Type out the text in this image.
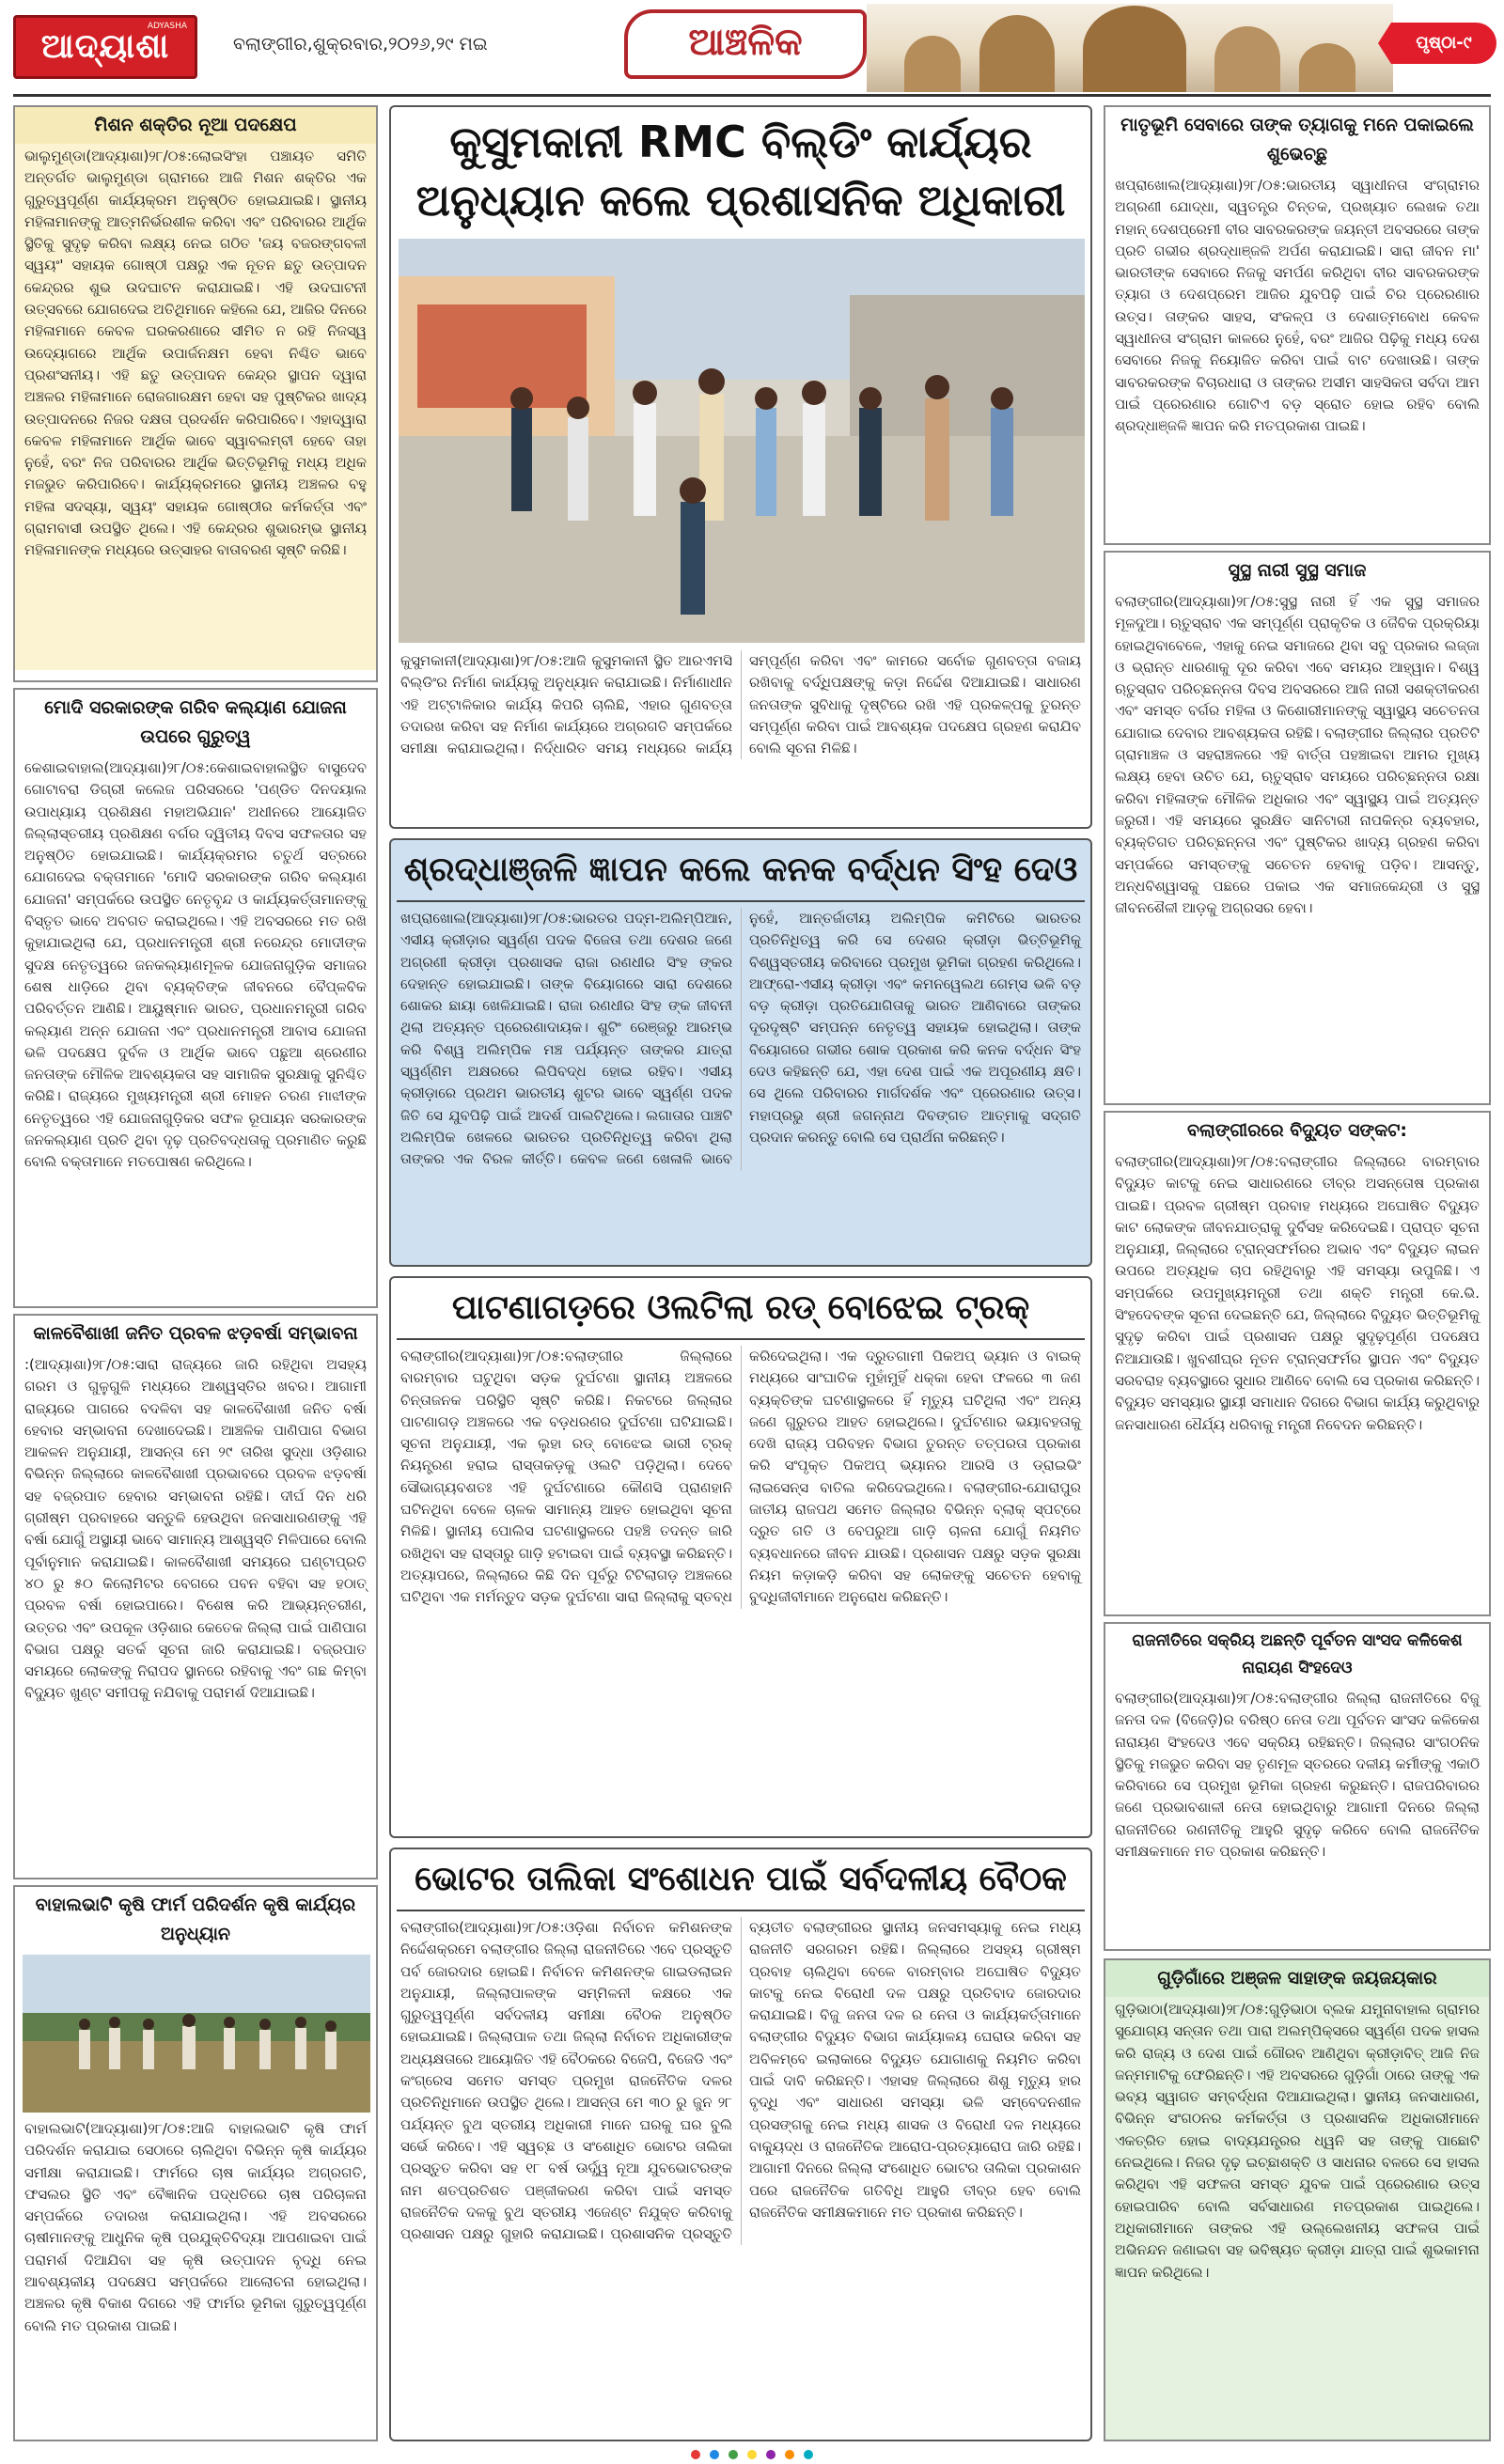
ADYASHA
ଆଦ୍ୟାଶା	ବଲାଙ୍ଗୀର,ଶୁକ୍ରବାର,୨୦୨୬,୨୯ ମଇ	ଆଞ୍ଚଳିକ	ପୃଷ୍ଠା-୯
ମିଶନ ଶକ୍ତିର ନୂଆ ପଦକ୍ଷେପ
ଭାଲୁମୁଣ୍ଡା(ଆଦ୍ୟାଶା)୨୮/୦୫:ଲୋଇସିଂହା ପଞ୍ଚାୟତ ସମିତି ଅନ୍ତର୍ଗତ ଭାଲୁମୁଣ୍ଡା ଗ୍ରାମରେ ଆଜି ମିଶନ ଶକ୍ତିର ଏକ ଗୁରୁତ୍ୱପୂର୍ଣ୍ଣ କାର୍ଯ୍ୟକ୍ରମ ଅନୁଷ୍ଠିତ ହୋଇଯାଇଛି। ସ୍ଥାନୀୟ ମହିଳାମାନଙ୍କୁ ଆତ୍ମନିର୍ଭରଶୀଳ କରିବା ଏବଂ ପରିବାରର ଆର୍ଥିକ ସ୍ଥିତିକୁ ସୁଦୃଢ଼ କରିବା ଲକ୍ଷ୍ୟ ନେଇ ଗଠିତ 'ଜୟ ବଜରଙ୍ଗବଳୀ ସ୍ୱୟଂ' ସହାୟକ ଗୋଷ୍ଠୀ ପକ୍ଷରୁ ଏକ ନୂତନ ଛତୁ ଉତ୍ପାଦନ କେନ୍ଦ୍ରର ଶୁଭ ଉଦଘାଟନ କରାଯାଇଛି। ଏହି ଉଦଘାଟନୀ ଉତ୍ସବରେ ଯୋଗଦେଇ ଅତିଥିମାନେ କହିଲେ ଯେ, ଆଜିର ଦିନରେ ମହିଳାମାନେ କେବଳ ଘରକରଣାରେ ସୀମିତ ନ ରହି ନିଜସ୍ୱ ଉଦ୍ୟୋଗରେ ଆର୍ଥିକ ଉପାର୍ଜନକ୍ଷମ ହେବା ନିଶ୍ଚିତ ଭାବେ ପ୍ରଶଂସନୀୟ। ଏହି ଛତୁ ଉତ୍ପାଦନ କେନ୍ଦ୍ର ସ୍ଥାପନ ଦ୍ୱାରା ଅଞ୍ଚଳର ମହିଳାମାନେ ରୋଜଗାରକ୍ଷମ ହେବା ସହ ପୁଷ୍ଟିକର ଖାଦ୍ୟ ଉତ୍ପାଦନରେ ନିଜର ଦକ୍ଷତା ପ୍ରଦର୍ଶନ କରିପାରିବେ। ଏହାଦ୍ୱାରା କେବଳ ମହିଳାମାନେ ଆର୍ଥିକ ଭାବେ ସ୍ୱାବଲମ୍ବୀ ହେବେ ତାହା ନୁହେଁ, ବରଂ ନିଜ ପରିବାରର ଆର୍ଥିକ ଭିତ୍ତିଭୂମିକୁ ମଧ୍ୟ ଅଧିକ ମଜଭୁତ କରିପାରିବେ। କାର୍ଯ୍ୟକ୍ରମରେ ସ୍ଥାନୀୟ ଅଞ୍ଚଳର ବହୁ ମହିଳା ସଦସ୍ୟା, ସ୍ୱୟଂ ସହାୟକ ଗୋଷ୍ଠୀର କର୍ମକର୍ତ୍ତା ଏବଂ ଗ୍ରାମବାସୀ ଉପସ୍ଥିତ ଥିଲେ। ଏହି କେନ୍ଦ୍ରର ଶୁଭାରମ୍ଭ ସ୍ଥାନୀୟ ମହିଳାମାନଙ୍କ ମଧ୍ୟରେ ଉତ୍ସାହର ବାତାବରଣ ସୃଷ୍ଟି କରିଛି।
ମୋଦି ସରକାରଙ୍କ ଗରିବ କଲ୍ୟାଣ ଯୋଜନା ଉପରେ ଗୁରୁତ୍ୱ
କେଶାଇବାହାଲ(ଆଦ୍ୟାଶା)୨୮/୦୫:କେଶାଇବାହାଲସ୍ଥିତ ବାସୁଦେବ ଗୋଟାବରା ଡିଗ୍ରୀ କଲେଜ ପରିସରରେ 'ପଣ୍ଡିତ ଦିନଦୟାଲ ଉପାଧ୍ୟାୟ ପ୍ରଶିକ୍ଷଣ ମହାଅଭିଯାନ' ଅଧୀନରେ ଆୟୋଜିତ ଜିଲ୍ଲାସ୍ତରୀୟ ପ୍ରଶିକ୍ଷଣ ବର୍ଗର ଦ୍ୱିତୀୟ ଦିବସ ସଫଳତାର ସହ ଅନୁଷ୍ଠିତ ହୋଇଯାଇଛି। କାର୍ଯ୍ୟକ୍ରମର ଚତୁର୍ଥ ସତ୍ରରେ ଯୋଗଦେଇ ବକ୍ତାମାନେ 'ମୋଦି ସରକାରଙ୍କ ଗରିବ କଲ୍ୟାଣ ଯୋଜନା' ସମ୍ପର୍କରେ ଉପସ୍ଥିତ ନେତୃବୃନ୍ଦ ଓ କାର୍ଯ୍ୟକର୍ତ୍ତାମାନଙ୍କୁ ବିସ୍ତୃତ ଭାବେ ଅବଗତ କରାଇଥିଲେ। ଏହି ଅବସରରେ ମତ ରଖି କୁହାଯାଇଥିଲା ଯେ, ପ୍ରଧାନମନ୍ତ୍ରୀ ଶ୍ରୀ ନରେନ୍ଦ୍ର ମୋଦୀଙ୍କ ସୁଦକ୍ଷ ନେତୃତ୍ୱରେ ଜନକଲ୍ୟାଣମୂଳକ ଯୋଜନାଗୁଡ଼ିକ ସମାଜର ଶେଷ ଧାଡ଼ିରେ ଥିବା ବ୍ୟକ୍ତିଙ୍କ ଜୀବନରେ ବୈପ୍ଳବିକ ପରିବର୍ତ୍ତନ ଆଣିଛି। ଆୟୁଷ୍ମାନ ଭାରତ, ପ୍ରଧାନମନ୍ତ୍ରୀ ଗରିବ କଲ୍ୟାଣ ଅନ୍ନ ଯୋଜନା ଏବଂ ପ୍ରଧାନମନ୍ତ୍ରୀ ଆବାସ ଯୋଜନା ଭଳି ପଦକ୍ଷେପ ଦୁର୍ବଳ ଓ ଆର୍ଥିକ ଭାବେ ପଛୁଆ ଶ୍ରେଣୀର ଜନତାଙ୍କ ମୌଳିକ ଆବଶ୍ୟକତା ସହ ସାମାଜିକ ସୁରକ୍ଷାକୁ ସୁନିଶ୍ଚିତ କରିଛି। ରାଜ୍ୟରେ ମୁଖ୍ୟମନ୍ତ୍ରୀ ଶ୍ରୀ ମୋହନ ଚରଣ ମାଝୀଙ୍କ ନେତୃତ୍ୱରେ ଏହି ଯୋଜନାଗୁଡ଼ିକର ସଫଳ ରୂପାୟନ ସରକାରଙ୍କ ଜନକଲ୍ୟାଣ ପ୍ରତି ଥିବା ଦୃଢ଼ ପ୍ରତିବଦ୍ଧତାକୁ ପ୍ରମାଣିତ କରୁଛି ବୋଲି ବକ୍ତାମାନେ ମତପୋଷଣ କରିଥିଲେ।
କାଳବୈଶାଖୀ ଜନିତ ପ୍ରବଳ ଝଡ଼ବର୍ଷା ସମ୍ଭାବନା
:(ଆଦ୍ୟାଶା)୨୮/୦୫:ସାରା ରାଜ୍ୟରେ ଜାରି ରହିଥିବା ଅସହ୍ୟ ଗରମ ଓ ଗୁଳୁଗୁଳି ମଧ୍ୟରେ ଆଶ୍ୱସ୍ତିର ଖବର। ଆଗାମୀ ରାଜ୍ୟରେ ପାଗରେ ବଦଳିବା ସହ କାଳବୈଶାଖୀ ଜନିତ ବର୍ଷା ହେବାର ସମ୍ଭାବନା ଦେଖାଦେଇଛି। ଆଞ୍ଚଳିକ ପାଣିପାଗ ବିଭାଗ ଆକଳନ ଅନୁଯାୟୀ, ଆସନ୍ତା ମେ ୨୯ ତାରିଖ ସୁଦ୍ଧା ଓଡ଼ିଶାର ବିଭିନ୍ନ ଜିଲ୍ଲାରେ କାଳବୈଶାଖୀ ପ୍ରଭାବରେ ପ୍ରବଳ ଝଡ଼ବର୍ଷା ସହ ବଜ୍ରପାତ ହେବାର ସମ୍ଭାବନା ରହିଛି। ଦୀର୍ଘ ଦିନ ଧରି ଗ୍ରୀଷ୍ମ ପ୍ରବାହରେ ସନ୍ତୁଳି ହେଉଥିବା ଜନସାଧାରଣଙ୍କୁ ଏହି ବର୍ଷା ଯୋଗୁଁ ଅସ୍ଥାୟୀ ଭାବେ ସାମାନ୍ୟ ଆଶ୍ୱସ୍ତି ମିଳିପାରେ ବୋଲି ପୂର୍ବାନୁମାନ କରାଯାଇଛି। କାଳବୈଶାଖୀ ସମୟରେ ଘଣ୍ଟାପ୍ରତି ୪୦ ରୁ ୫୦ କିଲୋମିଟର ବେଗରେ ପବନ ବହିବା ସହ ହଠାତ୍ ପ୍ରବଳ ବର୍ଷା ହୋଇପାରେ। ବିଶେଷ କରି ଆଭ୍ୟନ୍ତରୀଣ, ଉତ୍ତର ଏବଂ ଉପକୂଳ ଓଡ଼ିଶାର କେତେକ ଜିଲ୍ଲା ପାଇଁ ପାଣିପାଗ ବିଭାଗ ପକ୍ଷରୁ ସତର୍କ ସୂଚନା ଜାରି କରାଯାଇଛି। ବଜ୍ରପାତ ସମୟରେ ଲୋକଙ୍କୁ ନିରାପଦ ସ୍ଥାନରେ ରହିବାକୁ ଏବଂ ଗଛ କିମ୍ବା ବିଦ୍ୟୁତ ଖୁଣ୍ଟ ସମୀପକୁ ନଯିବାକୁ ପରାମର୍ଶ ଦିଆଯାଇଛି।
ବାହାଲଭାଟି କୃଷି ଫାର୍ମ ପରିଦର୍ଶନ କୃଷି କାର୍ଯ୍ୟର ଅନୁଧ୍ୟାନ
ବାହାଲଭାଟି(ଆଦ୍ୟାଶା)୨୮/୦୫:ଆଜି ବାହାଲଭାଟି କୃଷି ଫାର୍ମ ପରିଦର୍ଶନ କରାଯାଇ ସେଠାରେ ଚାଲିଥିବା ବିଭିନ୍ନ କୃଷି କାର୍ଯ୍ୟର ସମୀକ୍ଷା କରାଯାଇଛି। ଫାର୍ମରେ ଚାଷ କାର୍ଯ୍ୟର ଅଗ୍ରଗତି, ଫସଲର ସ୍ଥିତି ଏବଂ ବୈଜ୍ଞାନିକ ପଦ୍ଧତିରେ ଚାଷ ପରିଚାଳନା ସମ୍ପର୍କରେ ତଦାରଖ କରାଯାଇଥିଲା। ଏହି ଅବସରରେ ଚାଷୀମାନଙ୍କୁ ଆଧୁନିକ କୃଷି ପ୍ରଯୁକ୍ତିବିଦ୍ୟା ଆପଣାଇବା ପାଇଁ ପରାମର୍ଶ ଦିଆଯିବା ସହ କୃଷି ଉତ୍ପାଦନ ବୃଦ୍ଧି ନେଇ ଆବଶ୍ୟକୀୟ ପଦକ୍ଷେପ ସମ୍ପର୍କରେ ଆଲୋଚନା ହୋଇଥିଲା। ଅଞ୍ଚଳର କୃଷି ବିକାଶ ଦିଗରେ ଏହି ଫାର୍ମର ଭୂମିକା ଗୁରୁତ୍ୱପୂର୍ଣ୍ଣ ବୋଲି ମତ ପ୍ରକାଶ ପାଇଛି।
କୁସୁମକାନୀ RMC ବିଲ୍ଡିଂ କାର୍ଯ୍ୟର ଅନୁଧ୍ୟାନ କଲେ ପ୍ରଶାସନିକ ଅଧିକାରୀ
କୁସୁମକାନୀ(ଆଦ୍ୟାଶା)୨୮/୦୫:ଆଜି କୁସୁମକାନୀ ସ୍ଥିତ ଆରଏମସି ବିଲ୍ଡିଂର ନିର୍ମାଣ କାର୍ଯ୍ୟକୁ ଅନୁଧ୍ୟାନ କରାଯାଇଛି। ନିର୍ମାଣାଧୀନ ଏହି ଅଟ୍ଟାଳିକାର କାର୍ଯ୍ୟ କିପରି ଚାଲିଛି, ଏହାର ଗୁଣବତ୍ତା ତଦାରଖ କରିବା ସହ ନିର୍ମାଣ କାର୍ଯ୍ୟରେ ଅଗ୍ରଗତି ସମ୍ପର୍କରେ ସମୀକ୍ଷା କରାଯାଇଥିଲା। ନିର୍ଦ୍ଧାରିତ ସମୟ ମଧ୍ୟରେ କାର୍ଯ୍ୟ ସମ୍ପୂର୍ଣ୍ଣ କରିବା ଏବଂ କାମରେ ସର୍ବୋଚ୍ଚ ଗୁଣବତ୍ତା ବଜାୟ ରଖିବାକୁ ବର୍ଦ୍ଧିପକ୍ଷଙ୍କୁ କଡ଼ା ନିର୍ଦ୍ଦେଶ ଦିଆଯାଇଛି। ସାଧାରଣ ଜନତାଙ୍କ ସୁବିଧାକୁ ଦୃଷ୍ଟିରେ ରଖି ଏହି ପ୍ରକଳ୍ପକୁ ତୁରନ୍ତ ସମ୍ପୂର୍ଣ୍ଣ କରିବା ପାଇଁ ଆବଶ୍ୟକ ପଦକ୍ଷେପ ଗ୍ରହଣ କରାଯିବ ବୋଲି ସୂଚନା ମିଳିଛି।
ଶ୍ରଦ୍ଧାଞ୍ଜଳି ଜ୍ଞାପନ କଲେ କନକ ବର୍ଦ୍ଧନ ସିଂହ ଦେଓ
ଖପ୍ରାଖୋଲ(ଆଦ୍ୟାଶା)୨୮/୦୫:ଭାରତର ପଦ୍ମ-ଅଲିମ୍ପିଆନ, ଏସୀୟ କ୍ରୀଡ଼ାର ସ୍ୱର୍ଣ୍ଣ ପଦକ ବିଜେତା ତଥା ଦେଶର ଜଣେ ଅଗ୍ରଣୀ କ୍ରୀଡ଼ା ପ୍ରଶାସକ ରାଜା ରଣଧୀର ସିଂହ ଙ୍କର ଦେହାନ୍ତ ହୋଇଯାଇଛି। ତାଙ୍କ ବିୟୋଗରେ ସାରା ଦେଶରେ ଶୋକର ଛାୟା ଖେଳିଯାଇଛି। ରାଜା ରଣଧୀର ସିଂହ ଙ୍କ ଜୀବନୀ ଥିଲା ଅତ୍ୟନ୍ତ ପ୍ରେରଣାଦାୟକ। ଶୁଟିଂ ରେଞ୍ଜରୁ ଆରମ୍ଭ କରି ବିଶ୍ୱ ଅଲିମ୍ପିକ ମଞ୍ଚ ପର୍ଯ୍ୟନ୍ତ ତାଙ୍କର ଯାତ୍ରା ସ୍ୱର୍ଣ୍ଣିମ ଅକ୍ଷରରେ ଲିପିବଦ୍ଧ ହୋଇ ରହିବ। ଏସୀୟ କ୍ରୀଡ଼ାରେ ପ୍ରଥମ ଭାରତୀୟ ଶୁଟର ଭାବେ ସ୍ୱର୍ଣ୍ଣ ପଦକ ଜିତି ସେ ଯୁବପିଢ଼ି ପାଇଁ ଆଦର୍ଶ ପାଲଟିଥିଲେ। ଲଗାତାର ପାଞ୍ଚଟି ଅଲିମ୍ପିକ ଖେଳରେ ଭାରତର ପ୍ରତିନିଧିତ୍ୱ କରିବା ଥିଲା ତାଙ୍କର ଏକ ବିରଳ କୀର୍ତ୍ତି। କେବଳ ଜଣେ ଖେଳାଳି ଭାବେ ନୁହେଁ, ଆନ୍ତର୍ଜାତୀୟ ଅଲିମ୍ପିକ କମିଟିରେ ଭାରତର ପ୍ରତିନିଧିତ୍ୱ କରି ସେ ଦେଶର କ୍ରୀଡ଼ା ଭିତ୍ତିଭୂମିକୁ ବିଶ୍ୱସ୍ତରୀୟ କରିବାରେ ପ୍ରମୁଖ ଭୂମିକା ଗ୍ରହଣ କରିଥିଲେ। ଆଫ୍ରୋ-ଏସୀୟ କ୍ରୀଡ଼ା ଏବଂ କମନୱେଲଥ ଗେମ୍ସ ଭଳି ବଡ଼ ବଡ଼ କ୍ରୀଡ଼ା ପ୍ରତିଯୋଗିତାକୁ ଭାରତ ଆଣିବାରେ ତାଙ୍କର ଦୂରଦୃଷ୍ଟି ସମ୍ପନ୍ନ ନେତୃତ୍ୱ ସହାୟକ ହୋଇଥିଲା। ତାଙ୍କ ବିୟୋଗରେ ଗଭୀର ଶୋକ ପ୍ରକାଶ କରି କନକ ବର୍ଦ୍ଧନ ସିଂହ ଦେଓ କହିଛନ୍ତି ଯେ, ଏହା ଦେଶ ପାଇଁ ଏକ ଅପୂରଣୀୟ କ୍ଷତି। ସେ ଥିଲେ ପରିବାରର ମାର୍ଗଦର୍ଶକ ଏବଂ ପ୍ରେରଣାର ଉତ୍ସ। ମହାପ୍ରଭୁ ଶ୍ରୀ ଜଗନ୍ନାଥ ଦିବଙ୍ଗତ ଆତ୍ମାକୁ ସଦ୍ଗତି ପ୍ରଦାନ କରନ୍ତୁ ବୋଲି ସେ ପ୍ରାର୍ଥନା କରିଛନ୍ତି।
ପାଟଣାଗଡ଼ରେ ଓଲଟିଲା ରଡ୍ ବୋଝେଇ ଟ୍ରକ୍
ବଲାଙ୍ଗୀର(ଆଦ୍ୟାଶା)୨୮/୦୫:ବଲାଙ୍ଗୀର ଜିଲ୍ଲାରେ ବାରମ୍ବାର ଘଟୁଥିବା ସଡ଼କ ଦୁର୍ଘଟଣା ସ୍ଥାନୀୟ ଅଞ୍ଚଳରେ ଚିନ୍ତାଜନକ ପରିସ୍ଥିତି ସୃଷ୍ଟି କରିଛି। ନିକଟରେ ଜିଲ୍ଲାର ପାଟଣାଗଡ଼ ଅଞ୍ଚଳରେ ଏକ ବଡ଼ଧରଣର ଦୁର୍ଘଟଣା ଘଟିଯାଇଛି। ସୂଚନା ଅନୁଯାୟୀ, ଏକ ଲୁହା ରଡ୍ ବୋଝେଇ ଭାରୀ ଟ୍ରକ୍ ନିୟନ୍ତ୍ରଣ ହରାଇ ରାସ୍ତାକଡ଼କୁ ଓଲଟି ପଡ଼ିଥିଲା। ଦେବେ ସୌଭାଗ୍ୟବଶତଃ ଏହି ଦୁର୍ଘଟଣାରେ କୌଣସି ପ୍ରାଣହାନି ଘଟିନଥିବା ବେଳେ ଚାଳକ ସାମାନ୍ୟ ଆହତ ହୋଇଥିବା ସୂଚନା ମିଳିଛି। ସ୍ଥାନୀୟ ପୋଲିସ ଘଟଣାସ୍ଥଳରେ ପହଞ୍ଚି ତଦନ୍ତ ଜାରି ରଖିଥିବା ସହ ରାସ୍ତାରୁ ଗାଡ଼ି ହଟାଇବା ପାଇଁ ବ୍ୟବସ୍ଥା କରିଛନ୍ତି। ଅତ୍ୟାପରେ, ଜିଲ୍ଲାରେ କିଛି ଦିନ ପୂର୍ବରୁ ଟିଟିଲାଗଡ଼ ଅଞ୍ଚଳରେ ଘଟିଥିବା ଏକ ମର୍ମନ୍ତୁଦ ସଡ଼କ ଦୁର୍ଘଟଣା ସାରା ଜିଲ୍ଲାକୁ ସ୍ତବ୍ଧ କରିଦେଇଥିଲା। ଏକ ଦ୍ରୁତଗାମୀ ପିକଅପ୍ ଭ୍ୟାନ ଓ ବାଇକ୍ ମଧ୍ୟରେ ସାଂଘାତିକ ମୁହାଁମୁହିଁ ଧକ୍କା ହେବା ଫଳରେ ୩ ଜଣ ବ୍ୟକ୍ତିଙ୍କ ଘଟଣାସ୍ଥଳରେ ହିଁ ମୃତ୍ୟୁ ଘଟିଥିଲା ଏବଂ ଅନ୍ୟ ଜଣେ ଗୁରୁତର ଆହତ ହୋଇଥିଲେ। ଦୁର୍ଘଟଣାର ଭୟାବହତାକୁ ଦେଖି ରାଜ୍ୟ ପରିବହନ ବିଭାଗ ତୁରନ୍ତ ତତ୍ପରତା ପ୍ରକାଶ କରି ସଂପୃକ୍ତ ପିକଅପ୍ ଭ୍ୟାନର ଆରସି ଓ ଡ୍ରାଇଭିଂ ଲାଇସେନ୍ସ ବାତିଲ କରିଦେଇଥିଲେ। ବଲାଙ୍ଗୀର-ଯୋରାପୁର ଜାତୀୟ ରାଜପଥ ସମେତ ଜିଲ୍ଲାର ବିଭିନ୍ନ ବ୍ଲାକ୍ ସ୍ପଟ୍‌ରେ ଦ୍ରୁତ ଗତି ଓ ବେପରୁଆ ଗାଡ଼ି ଚାଳନା ଯୋଗୁଁ ନିୟମିତ ବ୍ୟବଧାନରେ ଜୀବନ ଯାଉଛି। ପ୍ରଶାସନ ପକ୍ଷରୁ ସଡ଼କ ସୁରକ୍ଷା ନିୟମ କଡ଼ାକଡ଼ି କରିବା ସହ ଲୋକଙ୍କୁ ସଚେତନ ହେବାକୁ ବୁଦ୍ଧିଜୀବୀମାନେ ଅନୁରୋଧ କରିଛନ୍ତି।
ଭୋଟର ତାଲିକା ସଂଶୋଧନ ପାଇଁ ସର୍ବଦଳୀୟ ବୈଠକ
ବଲାଙ୍ଗୀର(ଆଦ୍ୟାଶା)୨୮/୦୫:ଓଡ଼ିଶା ନିର୍ବାଚନ କମିଶନଙ୍କ ନିର୍ଦ୍ଦେଶକ୍ରମେ ବଲାଙ୍ଗୀର ଜିଲ୍ଲା ରାଜନୀତିରେ ଏବେ ପ୍ରସ୍ତୁତି ପର୍ବ ଜୋରଦାର ହୋଇଛି। ନିର୍ବାଚନ କମିଶନଙ୍କ ଗାଇଡଲାଇନ ଅନୁଯାୟୀ, ଜିଲ୍ଲାପାଳଙ୍କ ସମ୍ମିଳନୀ କକ୍ଷରେ ଏକ ଗୁରୁତ୍ୱପୂର୍ଣ୍ଣ ସର୍ବଦଳୀୟ ସମୀକ୍ଷା ବୈଠକ ଅନୁଷ୍ଠିତ ହୋଇଯାଇଛି। ଜିଲ୍ଲାପାଳ ତଥା ଜିଲ୍ଲା ନିର୍ବାଚନ ଅଧିକାରୀଙ୍କ ଅଧ୍ୟକ୍ଷତାରେ ଆୟୋଜିତ ଏହି ବୈଠକରେ ବିଜେପି, ବିଜେଡି ଏବଂ କଂଗ୍ରେସ ସମେତ ସମସ୍ତ ପ୍ରମୁଖ ରାଜନୈତିକ ଦଳର ପ୍ରତିନିଧିମାନେ ଉପସ୍ଥିତ ଥିଲେ। ଆସନ୍ତା ମେ ୩୦ ରୁ ଜୁନ ୨୮ ପର୍ଯ୍ୟନ୍ତ ବୁଥ ସ୍ତରୀୟ ଅଧିକାରୀ ମାନେ ଘରକୁ ଘର ବୁଲି ସର୍ଭେ କରିବେ। ଏହି ସ୍ୱଚ୍ଛ ଓ ସଂଶୋଧିତ ଭୋଟର ତାଲିକା ପ୍ରସ୍ତୁତ କରିବା ସହ ୧୮ ବର୍ଷ ଊର୍ଦ୍ଧ୍ୱ ନୂଆ ଯୁବଭୋଟରଙ୍କ ନାମ ଶତପ୍ରତିଶତ ପଞ୍ଜୀକରଣ କରିବା ପାଇଁ ସମସ୍ତ ରାଜନୈତିକ ଦଳକୁ ବୁଥ ସ୍ତରୀୟ ଏଜେଣ୍ଟ ନିଯୁକ୍ତ କରିବାକୁ ପ୍ରଶାସନ ପକ୍ଷରୁ ଗୁହାରି କରାଯାଇଛି। ପ୍ରଶାସନିକ ପ୍ରସ୍ତୁତି ବ୍ୟତୀତ ବଲାଙ୍ଗୀରର ସ୍ଥାନୀୟ ଜନସମସ୍ୟାକୁ ନେଇ ମଧ୍ୟ ରାଜନୀତି ସରଗରମ ରହିଛି। ଜିଲ୍ଲାରେ ଅସହ୍ୟ ଗ୍ରୀଷ୍ମ ପ୍ରବାହ ଚାଲିଥିବା ବେଳେ ବାରମ୍ବାର ଅଘୋଷିତ ବିଦ୍ୟୁତ କାଟକୁ ନେଇ ବିରୋଧୀ ଦଳ ପକ୍ଷରୁ ପ୍ରତିବାଦ ଜୋରଦାର କରାଯାଇଛି। ବିଜୁ ଜନତା ଦଳ ର ନେତା ଓ କାର୍ଯ୍ୟକର୍ତ୍ତାମାନେ ବଲାଙ୍ଗୀର ବିଦ୍ୟୁତ ବିଭାଗ କାର୍ଯ୍ୟାଳୟ ଘେରାଉ କରିବା ସହ ଅବିଳମ୍ବେ ଇଲାକାରେ ବିଦ୍ୟୁତ ଯୋଗାଣକୁ ନିୟମିତ କରିବା ପାଇଁ ଦାବି କରିଛନ୍ତି। ଏହାସହ ଜିଲ୍ଲାରେ ଶିଶୁ ମୃତ୍ୟୁ ହାର ବୃଦ୍ଧି ଏବଂ ସାଧାରଣ ସମସ୍ୟା ଭଳି ସମ୍ବେଦନଶୀଳ ପ୍ରସଙ୍ଗକୁ ନେଇ ମଧ୍ୟ ଶାସକ ଓ ବିରୋଧୀ ଦଳ ମଧ୍ୟରେ ବାକ୍ୟୁଦ୍ଧ ଓ ରାଜନୈତିକ ଆରୋପ-ପ୍ରତ୍ୟାରୋପ ଜାରି ରହିଛି। ଆଗାମୀ ଦିନରେ ଜିଲ୍ଲା ସଂଶୋଧିତ ଭୋଟର ତାଲିକା ପ୍ରକାଶନ ପରେ ରାଜନୈତିକ ଗତିବିଧି ଆହୁରି ତୀବ୍ର ହେବ ବୋଲି ରାଜନୈତିକ ସମୀକ୍ଷକମାନେ ମତ ପ୍ରକାଶ କରିଛନ୍ତି।
ମାତୃଭୂମି ସେବାରେ ତାଙ୍କ ତ୍ୟାଗକୁ ମନେ ପକାଇଲେ ଶୁଭେଚ୍ଛୁ
ଖପ୍ରାଖୋଲ(ଆଦ୍ୟାଶା)୨୮/୦୫:ଭାରତୀୟ ସ୍ୱାଧୀନତା ସଂଗ୍ରାମର ଅଗ୍ରଣୀ ଯୋଦ୍ଧା, ସ୍ୱତନ୍ତ୍ର ଚିନ୍ତକ, ପ୍ରଖ୍ୟାତ ଲେଖକ ତଥା ମହାନ୍ ଦେଶପ୍ରେମୀ ବୀର ସାବରକରଙ୍କ ଜୟନ୍ତୀ ଅବସରରେ ତାଙ୍କ ପ୍ରତି ଗଭୀର ଶ୍ରଦ୍ଧାଞ୍ଜଳି ଅର୍ପଣ କରାଯାଇଛି। ସାରା ଜୀବନ ମା' ଭାରତୀଙ୍କ ସେବାରେ ନିଜକୁ ସମର୍ପଣ କରିଥିବା ବୀର ସାବରକରଙ୍କ ତ୍ୟାଗ ଓ ଦେଶପ୍ରେମ ଆଜିର ଯୁବପିଢ଼ି ପାଇଁ ଚିର ପ୍ରେରଣାର ଉତ୍ସ। ତାଙ୍କର ସାହସ, ସଂକଳ୍ପ ଓ ଦେଶାତ୍ମବୋଧ କେବଳ ସ୍ୱାଧୀନତା ସଂଗ୍ରାମ କାଳରେ ନୁହେଁ, ବରଂ ଆଜିର ପିଢ଼ିକୁ ମଧ୍ୟ ଦେଶ ସେବାରେ ନିଜକୁ ନିୟୋଜିତ କରିବା ପାଇଁ ବାଟ ଦେଖାଉଛି। ତାଙ୍କ ସାବରକରଙ୍କ ବିଚାରଧାରା ଓ ତାଙ୍କର ଅସୀମ ସାହସିକତା ସର୍ବଦା ଆମ ପାଇଁ ପ୍ରେରଣାର ଗୋଟିଏ ବଡ଼ ସ୍ରୋତ ହୋଇ ରହିବ ବୋଲି ଶ୍ରଦ୍ଧାଞ୍ଜଳି ଜ୍ଞାପନ କରି ମତପ୍ରକାଶ ପାଇଛି।
ସୁସ୍ଥ ନାରୀ ସୁସ୍ଥ ସମାଜ
ବଲାଙ୍ଗୀର(ଆଦ୍ୟାଶା)୨୮/୦୫:ସୁସ୍ଥ ନାରୀ ହିଁ ଏକ ସୁସ୍ଥ ସମାଜର ମୂଳଦୁଆ। ଋତୁସ୍ରାବ ଏକ ସମ୍ପୂର୍ଣ୍ଣ ପ୍ରାକୃତିକ ଓ ଜୈବିକ ପ୍ରକ୍ରିୟା ହୋଇଥିବାବେଳେ, ଏହାକୁ ନେଇ ସମାଜରେ ଥିବା ସବୁ ପ୍ରକାର ଲଜ୍ଜା ଓ ଭ୍ରାନ୍ତ ଧାରଣାକୁ ଦୂର କରିବା ଏବେ ସମୟର ଆହ୍ୱାନ। ବିଶ୍ୱ ଋତୁସ୍ରାବ ପରିଚ୍ଛନ୍ନତା ଦିବସ ଅବସରରେ ଆଜି ନାରୀ ସଶକ୍ତୀକରଣ ଏବଂ ସମସ୍ତ ବର୍ଗର ମହିଳା ଓ କିଶୋରୀମାନଙ୍କୁ ସ୍ୱାସ୍ଥ୍ୟ ସଚେତନତା ଯୋଗାଇ ଦେବାର ଆବଶ୍ୟକତା ରହିଛି। ବଲାଙ୍ଗୀର ଜିଲ୍ଲାର ପ୍ରତିଟି ଗ୍ରାମାଞ୍ଚଳ ଓ ସହରାଞ୍ଚଳରେ ଏହି ବାର୍ତ୍ତା ପହଞ୍ଚାଇବା ଆମର ମୁଖ୍ୟ ଲକ୍ଷ୍ୟ ହେବା ଉଚିତ ଯେ, ଋତୁସ୍ରାବ ସମୟରେ ପରିଚ୍ଛନ୍ନତା ରକ୍ଷା କରିବା ମହିଳାଙ୍କ ମୌଳିକ ଅଧିକାର ଏବଂ ସ୍ୱାସ୍ଥ୍ୟ ପାଇଁ ଅତ୍ୟନ୍ତ ଜରୁରୀ। ଏହି ସମୟରେ ସୁରକ୍ଷିତ ସାନିଟାରୀ ନାପକିନ୍‌ର ବ୍ୟବହାର, ବ୍ୟକ୍ତିଗତ ପରିଚ୍ଛନ୍ନତା ଏବଂ ପୁଷ୍ଟିକର ଖାଦ୍ୟ ଗ୍ରହଣ କରିବା ସମ୍ପର୍କରେ ସମସ୍ତଙ୍କୁ ସଚେତନ ହେବାକୁ ପଡ଼ିବ। ଆସନ୍ତୁ, ଅନ୍ଧବିଶ୍ୱାସକୁ ପଛରେ ପକାଇ ଏକ ସମାଜକେନ୍ଦ୍ରୀ ଓ ସୁସ୍ଥ ଜୀବନଶୈଳୀ ଆଡ଼କୁ ଅଗ୍ରସର ହେବା।
ବଲାଙ୍ଗୀରରେ ବିଦ୍ୟୁତ ସଙ୍କଟ:
ବଲାଙ୍ଗୀର(ଆଦ୍ୟାଶା)୨୮/୦୫:ବଲାଙ୍ଗୀର ଜିଲ୍ଲାରେ ବାରମ୍ବାର ବିଦ୍ୟୁତ କାଟକୁ ନେଇ ସାଧାରଣରେ ତୀବ୍ର ଅସନ୍ତୋଷ ପ୍ରକାଶ ପାଇଛି। ପ୍ରବଳ ଗ୍ରୀଷ୍ମ ପ୍ରବାହ ମଧ୍ୟରେ ଅଘୋଷିତ ବିଦ୍ୟୁତ କାଟ ଲୋକଙ୍କ ଜୀବନଯାତ୍ରାକୁ ଦୁର୍ବିସହ କରିଦେଇଛି। ପ୍ରାପ୍ତ ସୂଚନା ଅନୁଯାୟୀ, ଜିଲ୍ଲାରେ ଟ୍ରାନ୍ସଫର୍ମରର ଅଭାବ ଏବଂ ବିଦ୍ୟୁତ ଲାଇନ ଉପରେ ଅତ୍ୟଧିକ ଚାପ ରହିଥିବାରୁ ଏହି ସମସ୍ୟା ଉପୁଜିଛି। ଏ ସମ୍ପର୍କରେ ଉପମୁଖ୍ୟମନ୍ତ୍ରୀ ତଥା ଶକ୍ତି ମନ୍ତ୍ରୀ କେ.ଭି. ସିଂହଦେବଙ୍କ ସୂଚନା ଦେଇଛନ୍ତି ଯେ, ଜିଲ୍ଲାରେ ବିଦ୍ୟୁତ ଭିତ୍ତିଭୂମିକୁ ସୁଦୃଢ଼ କରିବା ପାଇଁ ପ୍ରଶାସନ ପକ୍ଷରୁ ସୁଦୃଢ଼ପୂର୍ଣ୍ଣ ପଦକ୍ଷେପ ନିଆଯାଉଛି। ଖୁବଶୀଘ୍ର ନୂତନ ଟ୍ରାନ୍ସଫର୍ମର ସ୍ଥାପନ ଏବଂ ବିଦ୍ୟୁତ ସରବରାହ ବ୍ୟବସ୍ଥାରେ ସୁଧାର ଆଣିବେ ବୋଲି ସେ ପ୍ରକାଶ କରିଛନ୍ତି। ବିଦ୍ୟୁତ ସମସ୍ୟାର ସ୍ଥାୟୀ ସମାଧାନ ଦିଗରେ ବିଭାଗ କାର୍ଯ୍ୟ କରୁଥିବାରୁ ଜନସାଧାରଣ ଧୈର୍ଯ୍ୟ ଧରିବାକୁ ମନ୍ତ୍ରୀ ନିବେଦନ କରିଛନ୍ତି।
ରାଜନୀତିରେ ସକ୍ରିୟ ଅଛନ୍ତି ପୂର୍ବତନ ସାଂସଦ କଳିକେଶ ନାରାୟଣ ସିଂହଦେଓ
ବଲାଙ୍ଗୀର(ଆଦ୍ୟାଶା)୨୮/୦୫:ବଲାଙ୍ଗୀର ଜିଲ୍ଲା ରାଜନୀତିରେ ବିଜୁ ଜନତା ଦଳ (ବିଜେଡ଼ି)ର ବରିଷ୍ଠ ନେତା ତଥା ପୂର୍ବତନ ସାଂସଦ କଳିକେଶ ନାରାୟଣ ସିଂହଦେଓ ଏବେ ସକ୍ରିୟ ରହିଛନ୍ତି। ଜିଲ୍ଲାର ସାଂଗଠନିକ ସ୍ଥିତିକୁ ମଜଭୁତ କରିବା ସହ ତୃଣମୂଳ ସ୍ତରରେ ଦଳୀୟ କର୍ମୀଙ୍କୁ ଏକାଠି କରିବାରେ ସେ ପ୍ରମୁଖ ଭୂମିକା ଗ୍ରହଣ କରୁଛନ୍ତି। ରାଜପରିବାରର ଜଣେ ପ୍ରଭାବଶାଳୀ ନେତା ହୋଇଥିବାରୁ ଆଗାମୀ ଦିନରେ ଜିଲ୍ଲା ରାଜନୀତିରେ ରଣନୀତିକୁ ଆହୁରି ସୁଦୃଢ଼ କରିବେ ବୋଲି ରାଜନୈତିକ ସମୀକ୍ଷକମାନେ ମତ ପ୍ରକାଶ କରିଛନ୍ତି।
ଗୁଡ଼ିଗାଁରେ ଅଞ୍ଜଳ ସାହାଙ୍କ ଜୟଜୟକାର
ଗୁଡ଼ିଭାଠା(ଆଦ୍ୟାଶା)୨୮/୦୫:ଗୁଡ଼ିଭାଠା ବ୍ଲକ ଯମୁନାବାହାଲ ଗ୍ରାମର ସୁଯୋଗ୍ୟ ସନ୍ତାନ ତଥା ପାରା ଅଲମ୍ପିକ୍ସରେ ସ୍ୱର୍ଣ୍ଣ ପଦକ ହାସଲ କରି ରାଜ୍ୟ ଓ ଦେଶ ପାଇଁ ଗୌରବ ଆଣିଥିବା କ୍ରୀଡ଼ାବିତ୍ ଆଜି ନିଜ ଜନ୍ମମାଟିକୁ ଫେରିଛନ୍ତି। ଏହି ଅବସରରେ ଗୁଡ଼ିଗାଁ ଠାରେ ତାଙ୍କୁ ଏକ ଭବ୍ୟ ସ୍ୱାଗତ ସମ୍ବର୍ଦ୍ଧନା ଦିଆଯାଇଥିଲା। ସ୍ଥାନୀୟ ଜନସାଧାରଣ, ବିଭିନ୍ନ ସଂଗଠନର କର୍ମକର୍ତ୍ତା ଓ ପ୍ରଶାସନିକ ଅଧିକାରୀମାନେ ଏକତ୍ରିତ ହୋଇ ବାଦ୍ୟଯନ୍ତ୍ରର ଧ୍ୱନି ସହ ତାଙ୍କୁ ପାଛୋଟି ନେଇଥିଲେ। ନିଜର ଦୃଢ଼ ଇଚ୍ଛାଶକ୍ତି ଓ ସାଧନାର ବଳରେ ସେ ହାସଲ କରିଥିବା ଏହି ସଫଳତା ସମସ୍ତ ଯୁବକ ପାଇଁ ପ୍ରେରଣାର ଉତ୍ସ ହୋଇପାରିବ ବୋଲି ସର୍ବସାଧାରଣ ମତପ୍ରକାଶ ପାଇଥିଲେ। ଅଧିକାରୀମାନେ ତାଙ୍କର ଏହି ଉଲ୍ଲେଖନୀୟ ସଫଳତା ପାଇଁ ଅଭିନନ୍ଦନ ଜଣାଇବା ସହ ଭବିଷ୍ୟତ କ୍ରୀଡ଼ା ଯାତ୍ରା ପାଇଁ ଶୁଭକାମନା ଜ୍ଞାପନ କରିଥିଲେ।
